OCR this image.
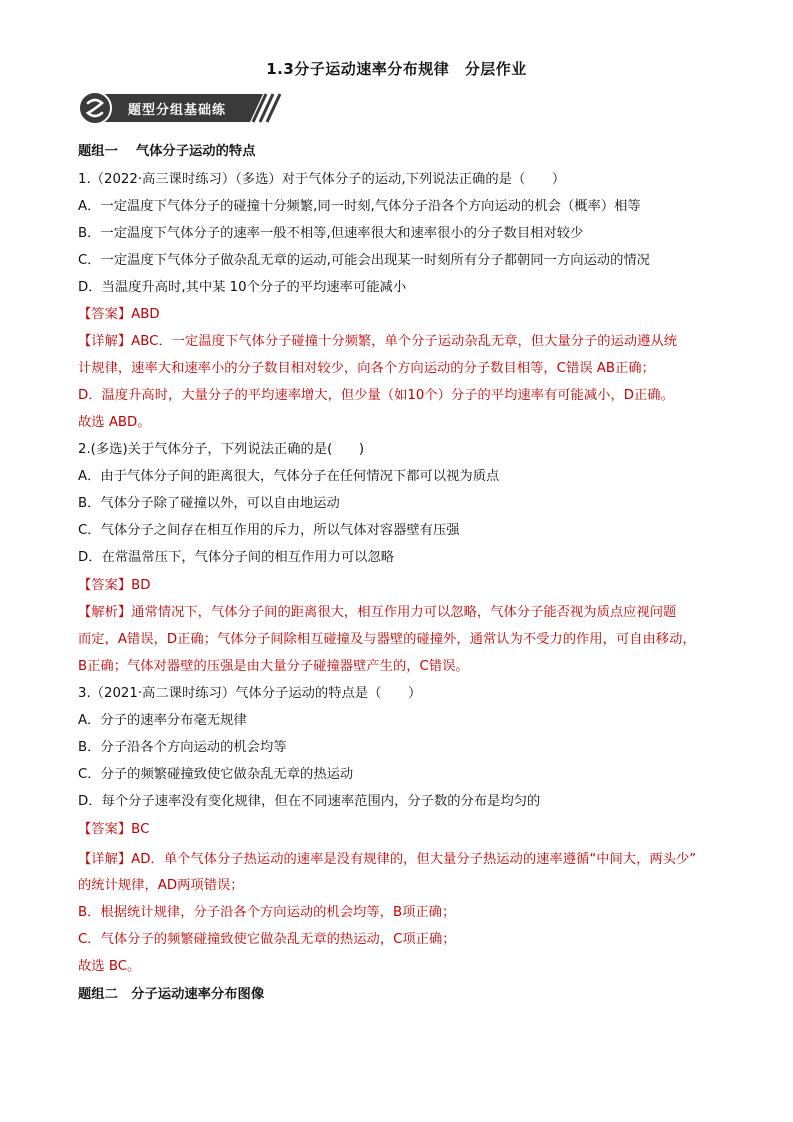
1.3分子运动速率分布规律　分层作业
题型分组基础练
题组一　 气体分子运动的特点
1.（2022·高三课时练习）（多选）对于气体分子的运动,下列说法正确的是（　　）
A．一定温度下气体分子的碰撞十分频繁,同一时刻,气体分子沿各个方向运动的机会（概率）相等
B．一定温度下气体分子的速率一般不相等,但速率很大和速率很小的分子数目相对较少
C．一定温度下气体分子做杂乱无章的运动,可能会出现某一时刻所有分子都朝同一方向运动的情况
D．当温度升高时,其中某 10个分子的平均速率可能减小
【答案】ABD
【详解】ABC．一定温度下气体分子碰撞十分频繁，单个分子运动杂乱无章，但大量分子的运动遵从统
计规律，速率大和速率小的分子数目相对较少，向各个方向运动的分子数目相等，C错误 AB正确；
D．温度升高时，大量分子的平均速率增大，但少量（如10个）分子的平均速率有可能减小，D正确。
故选 ABD。
2.(多选)关于气体分子，下列说法正确的是(　　)
A．由于气体分子间的距离很大，气体分子在任何情况下都可以视为质点
B．气体分子除了碰撞以外，可以自由地运动
C．气体分子之间存在相互作用的斥力，所以气体对容器壁有压强
D．在常温常压下，气体分子间的相互作用力可以忽略
【答案】BD
【解析】通常情况下，气体分子间的距离很大，相互作用力可以忽略，气体分子能否视为质点应视问题
而定，A错误，D正确；气体分子间除相互碰撞及与器壁的碰撞外，通常认为不受力的作用，可自由移动，
B正确；气体对器壁的压强是由大量分子碰撞器壁产生的，C错误。
3.（2021·高二课时练习）气体分子运动的特点是（　　）
A．分子的速率分布毫无规律
B．分子沿各个方向运动的机会均等
C．分子的频繁碰撞致使它做杂乱无章的热运动
D．每个分子速率没有变化规律，但在不同速率范围内，分子数的分布是均匀的
【答案】BC
【详解】AD．单个气体分子热运动的速率是没有规律的，但大量分子热运动的速率遵循“中间大，两头少”
的统计规律，AD两项错误；
B．根据统计规律，分子沿各个方向运动的机会均等，B项正确；
C．气体分子的频繁碰撞致使它做杂乱无章的热运动，C项正确；
故选 BC。
题组二　分子运动速率分布图像
